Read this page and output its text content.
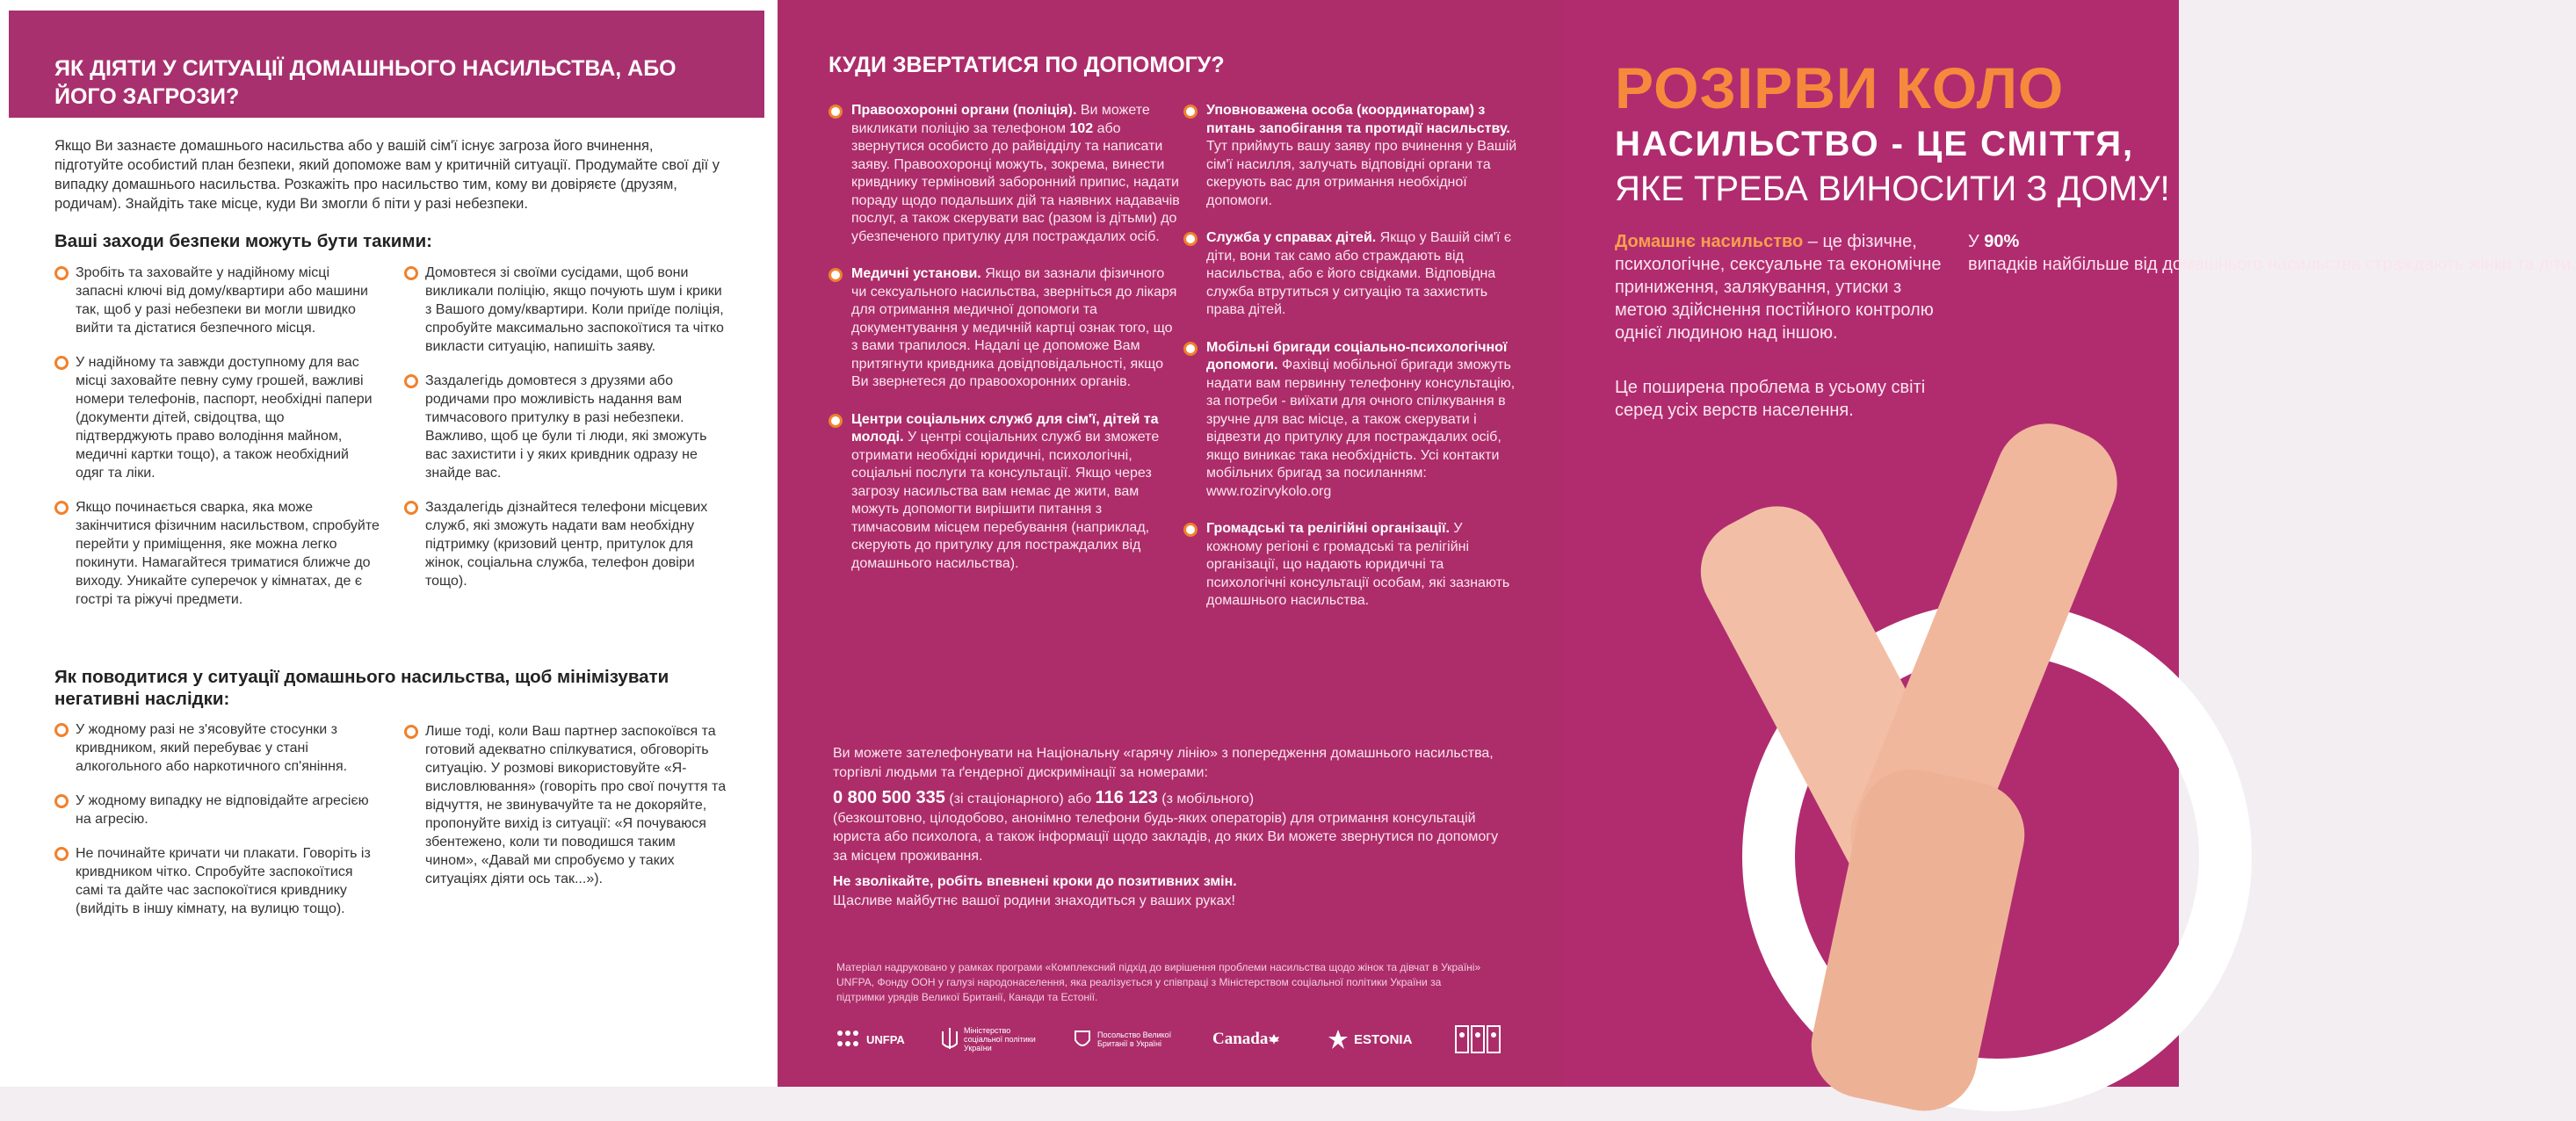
ЯК ДІЯТИ У СИТУАЦІЇ ДОМАШНЬОГО НАСИЛЬСТВА, АБО ЙОГО ЗАГРОЗИ?

Якщо Ви зазнаєте домашнього насильства або у вашій сім'ї існує загроза його вчинення, підготуйте особистий план безпеки, який допоможе вам у критичній ситуації. Продумайте свої дії у випадку домашнього насильства. Розкажіть про насильство тим, кому ви довіряєте (друзям, родичам). Знайдіть таке місце, куди Ви змогли б піти у разі небезпеки.

Ваші заходи безпеки можуть бути такими:

Зробіть та заховайте у надійному місці запасні ключі від дому/квартири або машини так, щоб у разі небезпеки ви могли швидко вийти та дістатися безпечного місця.
У надійному та завжди доступному для вас місці заховайте певну суму грошей, важливі номери телефонів, паспорт, необхідні папери (документи дітей, свідоцтва, що підтверджують право володіння майном, медичні картки тощо), а також необхідний одяг та ліки.
Якщо починається сварка, яка може закінчитися фізичним насильством, спробуйте перейти у приміщення, яке можна легко покинути. Намагайтеся триматися ближче до виходу. Уникайте суперечок у кімнатах, де є гострі та ріжучі предмети.
Домовтеся зі своїми сусідами, щоб вони викликали поліцію, якщо почують шум і крики з Вашого дому/квартири. Коли приїде поліція, спробуйте максимально заспокоїтися та чітко викласти ситуацію, напишіть заяву.
Заздалегідь домовтеся з друзями або родичами про можливість надання вам тимчасового притулку в разі небезпеки. Важливо, щоб це були ті люди, які зможуть вас захистити і у яких кривдник одразу не знайде вас.
Заздалегідь дізнайтеся телефони місцевих служб, які зможуть надати вам необхідну підтримку (кризовий центр, притулок для жінок, соціальна служба, телефон довіри тощо).

Як поводитися у ситуації домашнього насильства, щоб мінімізувати негативні наслідки:

У жодному разі не з'ясовуйте стосунки з кривдником, який перебуває у стані алкогольного або наркотичного сп'яніння.
У жодному випадку не відповідайте агресією на агресію.
Не починайте кричати чи плакати. Говоріть із кривдником чітко. Спробуйте заспокоїтися самі та дайте час заспокоїтися кривднику (вийдіть в іншу кімнату, на вулицю тощо).
Лише тоді, коли Ваш партнер заспокоївся та готовий адекватно спілкуватися, обговоріть ситуацію. У розмові використовуйте «Я-висловлювання» (говоріть про свої почуття та відчуття, не звинувачуйте та не докоряйте, пропонуйте вихід із ситуації: «Я почуваюся збентежено, коли ти поводишся таким чином», «Давай ми спробуємо у таких ситуаціях діяти ось так...»).
КУДИ ЗВЕРТАТИСЯ ПО ДОПОМОГУ?
Правоохоронні органи (поліція). Ви можете викликати поліцію за телефоном 102 або звернутися особисто до райвідділу та написати заяву. Правоохоронці можуть, зокрема, винести кривднику терміновий заборонний припис, надати пораду щодо подальших дій та наявних надавачів послуг, а також скерувати вас (разом із дітьми) до убезпеченого притулку для постраждалих осіб.
Медичні установи. Якщо ви зазнали фізичного чи сексуального насильства, зверніться до лікаря для отримання медичної допомоги та документування у медичній картці ознак того, що з вами трапилося. Надалі це допоможе Вам притягнути кривдника довідповідальності, якщо Ви звернетеся до правоохоронних органів.
Центри соціальних служб для сім'ї, дітей та молоді. У центрі соціальних служб ви зможете отримати необхідні юридичні, психологічні, соціальні послуги та консультації. Якщо через загрозу насильства вам немає де жити, вам можуть допомогти вирішити питання з тимчасовим місцем перебування (наприклад, скерують до притулку для постраждалих від домашнього насильства).
Уповноважена особа (координаторам) з питань запобігання та протидії насильству. Тут приймуть вашу заяву про вчинення у Вашій сім'ї насилля, залучать відповідні органи та скерують вас для отримання необхідної допомоги.
Служба у справах дітей. Якщо у Вашій сім'ї є діти, вони так само або страждають від насильства, або є його свідками. Відповідна служба втрутиться у ситуацію та захистить права дітей.
Мобільні бригади соціально-психологічної допомоги. Фахівці мобільної бригади зможуть надати вам первинну телефонну консультацію, за потреби - виїхати для очного спілкування в зручне для вас місце, а також скерувати і відвезти до притулку для постраждалих осіб, якщо виникає така необхідність. Усі контакти мобільних бригад за посиланням: www.rozirvykolo.org
Громадські та релігійні організації. У кожному регіоні є громадські та релігійні організації, що надають юридичні та психологічні консультації особам, які зазнають домашнього насильства.

Ви можете зателефонувати на Національну «гарячу лінію» з попередження домашнього насильства, торгівлі людьми та ґендерної дискримінації за номерами:

0 800 500 335 (зі стаціонарного) або 116 123 (з мобільного)

(безкоштовно, цілодобово, анонімнo телефони будь-яких операторів) для отримання консультацій юриста або психолога, а також інформації щодо закладів, до яких Ви можете звернутися по допомогу за місцем проживання.

Не зволікайте, робіть впевнені кроки до позитивних змін.

Щасливе майбутнє вашої родини знаходиться у ваших руках!

Матеріал надруковано у рамках програми «Комплексний підхід до вирішення проблеми насильства щодо жінок та дівчат в Україні» UNFPA, Фонду ООН у галузі народонаселення, яка реалізується у співпраці з Міністерством соціальної політики України за підтримки урядів Великої Британії, Канади та Естонії.

UNFPA
Міністерство соціальної політики України
Посольство Великої Британії в Україні	Canada	ESTONIA
РОЗІРВИ КОЛО
НАСИЛЬСТВО - ЦЕ СМІТТЯ,
ЯКЕ ТРЕБА ВИНОСИТИ З ДОМУ!

Домашнє насильство – це фізичне, психологічне, сексуальне та економічне приниження, залякування, утиски з метою здійснення постійного контролю однієї людиною над іншою.

Це поширена проблема в усьому світі серед усіх верств населення.

У 90%
випадків найбільше від домашнього насильства страждають жінки та діти.
